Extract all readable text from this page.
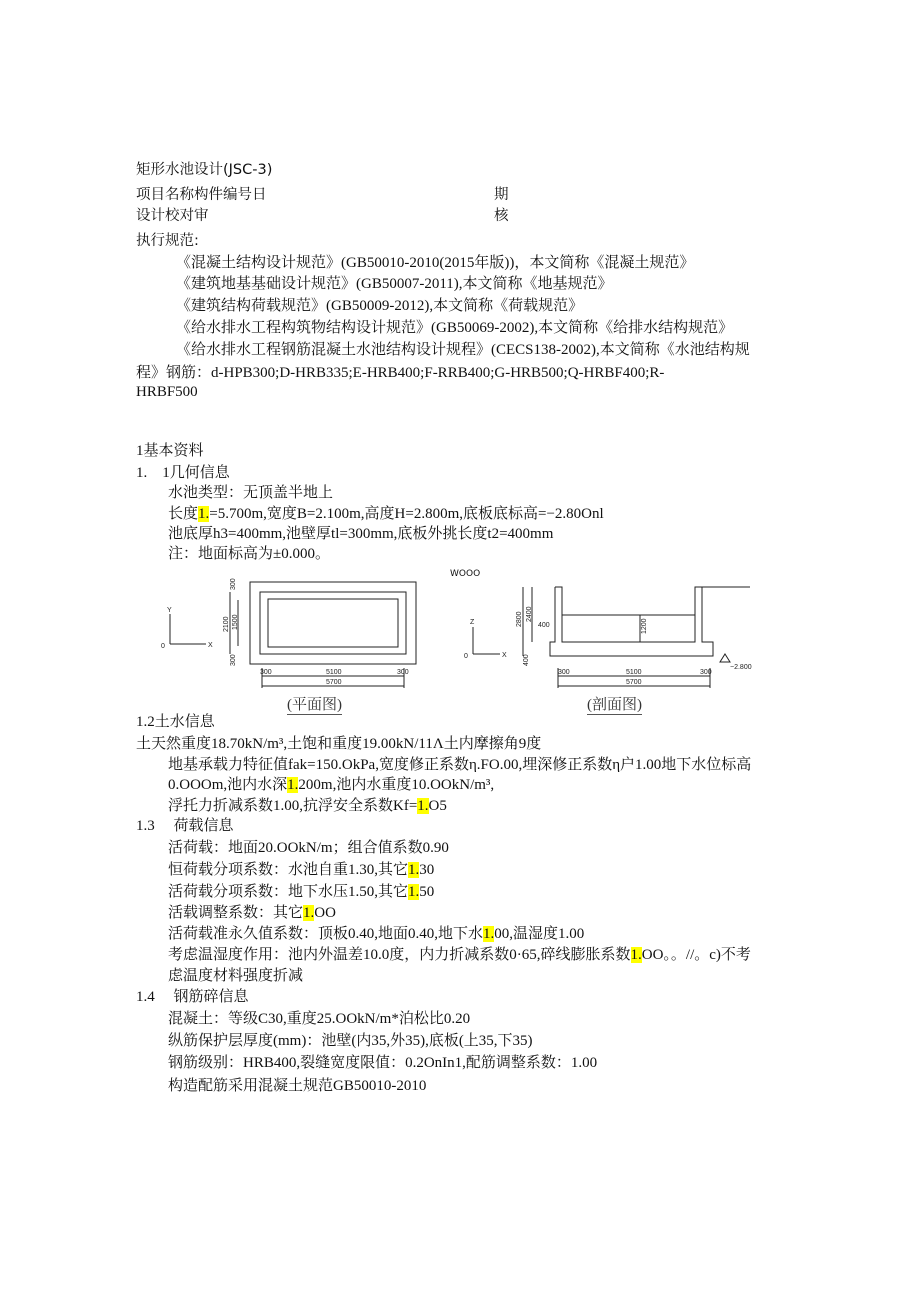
矩形水池设计(JSC-3)
项目名称构件编号日	期
设计校对审	核
执行规范:
《混凝土结构设计规范》(GB50010-2010(2015年版))，本文简称《混凝土规范》
《建筑地基基础设计规范》(GB50007-2011),本文简称《地基规范》
《建筑结构荷载规范》(GB50009-2012),本文简称《荷载规范》
《给水排水工程构筑物结构设计规范》(GB50069-2002),本文简称《给排水结构规范》
《给水排水工程钢筋混凝土水池结构设计规程》(CECS138-2002),本文简称《水池结构规
程》钢筋：d-HPB300;D-HRB335;E-HRB400;F-RRB400;G-HRB500;Q-HRBF400;R-
HRBF500
1基本资料
1.　1几何信息
水池类型：无顶盖半地上
长度1.=5.700m,宽度B=2.100m,高度H=2.800m,底板底标高=−2.80Onl
池底厚h3=400mm,池壁厚tl=300mm,底板外挑长度t2=400mm
注：地面标高为±0.000。
WOOO
2100 1500
300
300
300	300
5100
5700
Y
X
0
2800 2400
400
400
1200
300	300
5100
5700
−2.800
Z
X
0
(平面图)	(剖面图)
1.2土水信息
土天然重度18.70kN/m³,土饱和重度19.00kN/11Λ土内摩擦角9度
地基承载力特征值fak=150.OkPa,宽度修正系数η.FO.00,埋深修正系数η户1.00地下水位标高
0.OOOm,池内水深1.200m,池内水重度10.OOkN/m³,
浮托力折减系数1.00,抗浮安全系数Kf=1.O5
1.3　 荷载信息
活荷载：地面20.OOkN/m；组合值系数0.90
恒荷载分项系数：水池自重1.30,其它1.30
活荷载分项系数：地下水压1.50,其它1.50
活载调整系数：其它1.OO
活荷载准永久值系数：顶板0.40,地面0.40,地下水1.00,温湿度1.00
考虑温湿度作用：池内外温差10.0度，内力折减系数0·65,碎线膨胀系数1.OO。。//。c)不考
虑温度材料强度折减
1.4　 钢筋碎信息
混凝土：等级C30,重度25.OOkN/m*泊松比0.20
纵筋保护层厚度(mm)：池壁(内35,外35),底板(上35,下35)
钢筋级别：HRB400,裂缝宽度限值：0.2OnIn1,配筋调整系数：1.00
构造配筋采用混凝土规范GB50010-2010
